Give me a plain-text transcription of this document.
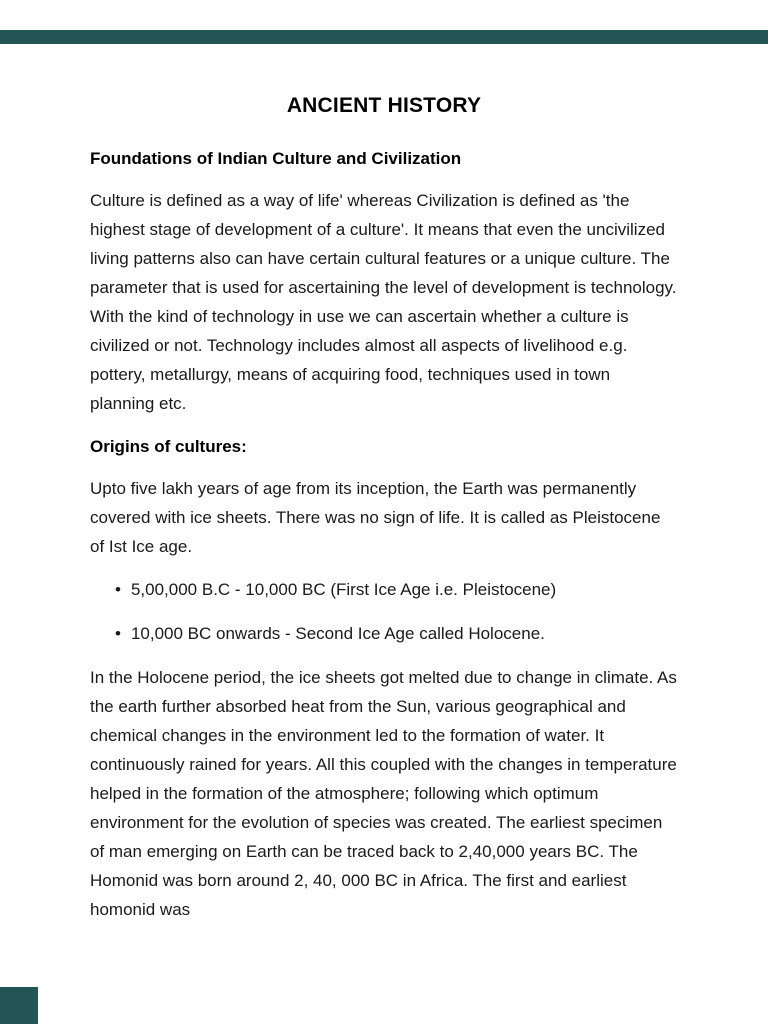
ANCIENT HISTORY
Foundations of Indian Culture and Civilization

Culture is defined as a way of life' whereas Civilization is defined as 'the highest stage of development of a culture'. It means that even the uncivilized living patterns also can have certain cultural features or a unique culture. The parameter that is used for ascertaining the level of development is technology. With the kind of technology in use we can ascertain whether a culture is civilized or not. Technology includes almost all aspects of livelihood e.g. pottery, metallurgy, means of acquiring food, techniques used in town planning etc.

Origins of cultures:

Upto five lakh years of age from its inception, the Earth was permanently covered with ice sheets. There was no sign of life. It is called as Pleistocene of Ist Ice age.

• 5,00,000 B.C - 10,000 BC (First Ice Age i.e. Pleistocene)
• 10,000 BC onwards - Second Ice Age called Holocene.

In the Holocene period, the ice sheets got melted due to change in climate. As the earth further absorbed heat from the Sun, various geographical and chemical changes in the environment led to the formation of water. It continuously rained for years. All this coupled with the changes in temperature helped in the formation of the atmosphere; following which optimum environment for the evolution of species was created. The earliest specimen of man emerging on Earth can be traced back to 2,40,000 years BC. The Homonid was born around 2, 40, 000 BC in Africa. The first and earliest homonid was
